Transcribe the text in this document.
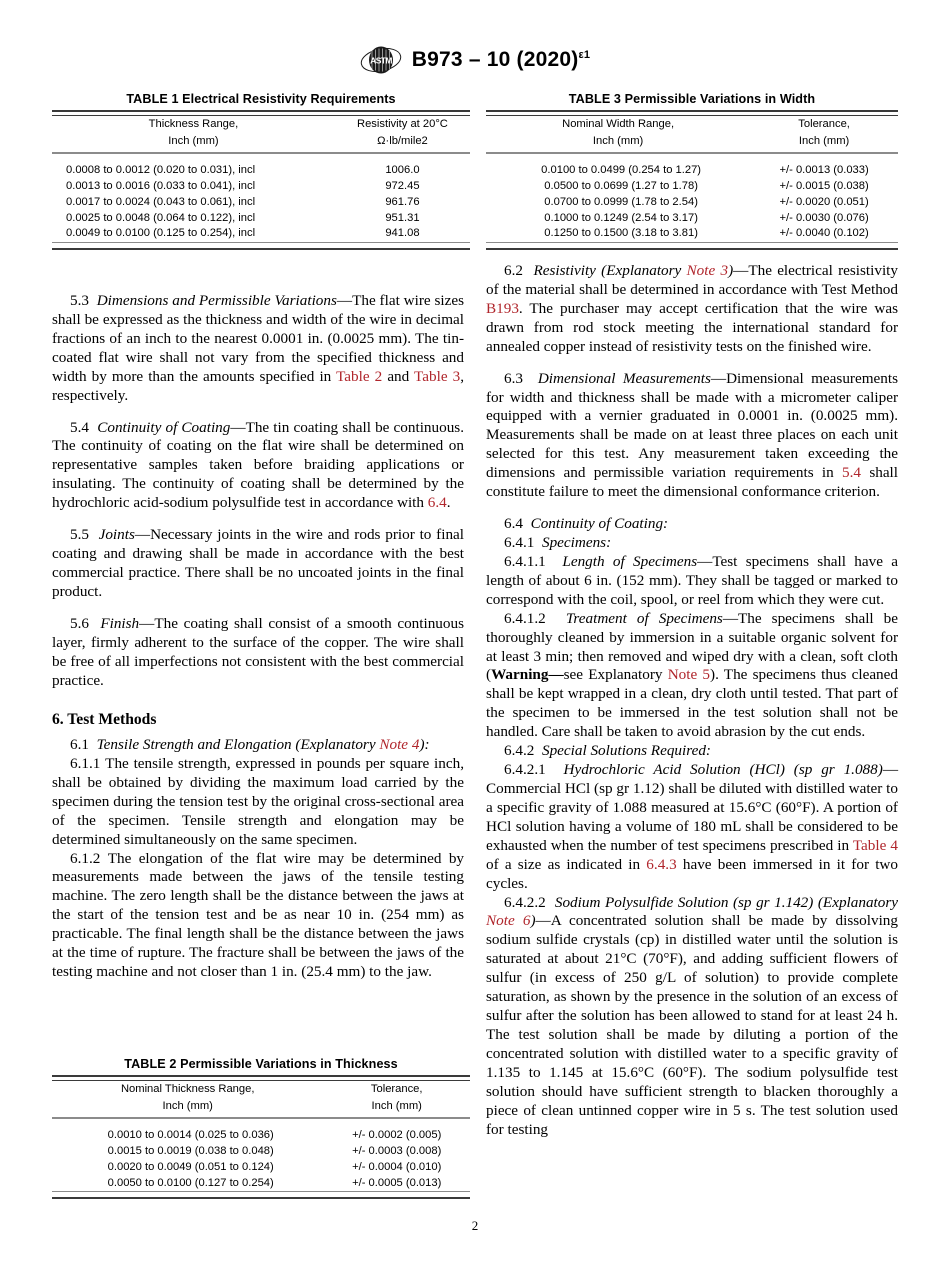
ASTM B973 – 10 $(2020)^{\varepsilon 1}$
TABLE 1 Electrical Resistivity Requirements

Thickness Range,	Resistivity at 20°C
Inch (mm)	Ω·lb/mile2
0.0008 to 0.0012 (0.020 to 0.031), incl	1006.0
0.0013 to 0.0016 (0.033 to 0.041), incl	972.45
0.0017 to 0.0024 (0.043 to 0.061), incl	961.76
0.0025 to 0.0048 (0.064 to 0.122), incl	951.31
0.0049 to 0.0100 (0.125 to 0.254), incl	941.08

TABLE 3 Permissible Variations in Width

Nominal Width Range,	Tolerance,
Inch (mm)	Inch (mm)
0.0100 to 0.0499 (0.254 to 1.27)	+/- 0.0013 (0.033)
0.0500 to 0.0699 (1.27 to 1.78)	+/- 0.0015 (0.038)
0.0700 to 0.0999 (1.78 to 2.54)	+/- 0.0020 (0.051)
0.1000 to 0.1249 (2.54 to 3.17)	+/- 0.0030 (0.076)
0.1250 to 0.1500 (3.18 to 3.81)	+/- 0.0040 (0.102)

5.3 Dimensions and Permissible Variations—The flat wire sizes shall be expressed as the thickness and width of the wire in decimal fractions of an inch to the nearest 0.0001 in. (0.0025 mm). The tin-coated flat wire shall not vary from the specified thickness and width by more than the amounts specified in Table 2 and Table 3, respectively.

5.4 Continuity of Coating—The tin coating shall be continuous. The continuity of coating on the flat wire shall be determined on representative samples taken before braiding applications or insulating. The continuity of coating shall be determined by the hydrochloric acid-sodium polysulfide test in accordance with 6.4.

5.5 Joints—Necessary joints in the wire and rods prior to final coating and drawing shall be made in accordance with the best commercial practice. There shall be no uncoated joints in the final product.

5.6 Finish—The coating shall consist of a smooth continuous layer, firmly adherent to the surface of the copper. The wire shall be free of all imperfections not consistent with the best commercial practice.

6. Test Methods

6.1 Tensile Strength and Elongation (Explanatory Note 4):

6.1.1 The tensile strength, expressed in pounds per square inch, shall be obtained by dividing the maximum load carried by the specimen during the tension test by the original cross-sectional area of the specimen. Tensile strength and elongation may be determined simultaneously on the same specimen.

6.1.2 The elongation of the flat wire may be determined by measurements made between the jaws of the tensile testing machine. The zero length shall be the distance between the jaws at the start of the tension test and be as near 10 in. (254 mm) as practicable. The final length shall be the distance between the jaws at the time of rupture. The fracture shall be between the jaws of the testing machine and not closer than 1 in. (25.4 mm) to the jaw.

TABLE 2 Permissible Variations in Thickness

Nominal Thickness Range,	Tolerance,
Inch (mm)	Inch (mm)
0.0010 to 0.0014 (0.025 to 0.036)	+/- 0.0002 (0.005)
0.0015 to 0.0019 (0.038 to 0.048)	+/- 0.0003 (0.008)
0.0020 to 0.0049 (0.051 to 0.124)	+/- 0.0004 (0.010)
0.0050 to 0.0100 (0.127 to 0.254)	+/- 0.0005 (0.013)

6.2 Resistivity (Explanatory Note 3)—The electrical resistivity of the material shall be determined in accordance with Test Method B193. The purchaser may accept certification that the wire was drawn from rod stock meeting the international standard for annealed copper instead of resistivity tests on the finished wire.

6.3 Dimensional Measurements—Dimensional measurements for width and thickness shall be made with a micrometer caliper equipped with a vernier graduated in 0.0001 in. (0.0025 mm). Measurements shall be made on at least three places on each unit selected for this test. Any measurement taken exceeding the dimensions and permissible variation requirements in 5.4 shall constitute failure to meet the dimensional conformance criterion.

6.4 Continuity of Coating:

6.4.1 Specimens:

6.4.1.1 Length of Specimens—Test specimens shall have a length of about 6 in. (152 mm). They shall be tagged or marked to correspond with the coil, spool, or reel from which they were cut.

6.4.1.2 Treatment of Specimens—The specimens shall be thoroughly cleaned by immersion in a suitable organic solvent for at least 3 min; then removed and wiped dry with a clean, soft cloth (Warning—see Explanatory Note 5). The specimens thus cleaned shall be kept wrapped in a clean, dry cloth until tested. That part of the specimen to be immersed in the test solution shall not be handled. Care shall be taken to avoid abrasion by the cut ends.

6.4.2 Special Solutions Required:

6.4.2.1 Hydrochloric Acid Solution (HCl) (sp gr 1.088)—Commercial HCl (sp gr 1.12) shall be diluted with distilled water to a specific gravity of 1.088 measured at 15.6°C (60°F). A portion of HCl solution having a volume of 180 mL shall be considered to be exhausted when the number of test specimens prescribed in Table 4 of a size as indicated in 6.4.3 have been immersed in it for two cycles.

6.4.2.2 Sodium Polysulfide Solution (sp gr 1.142) (Explanatory Note 6)—A concentrated solution shall be made by dissolving sodium sulfide crystals (cp) in distilled water until the solution is saturated at about 21°C (70°F), and adding sufficient flowers of sulfur (in excess of 250 g/L of solution) to provide complete saturation, as shown by the presence in the solution of an excess of sulfur after the solution has been allowed to stand for at least 24 h. The test solution shall be made by diluting a portion of the concentrated solution with distilled water to a specific gravity of 1.135 to 1.145 at 15.6°C (60°F). The sodium polysulfide test solution should have sufficient strength to blacken thoroughly a piece of clean untinned copper wire in 5 s. The test solution used for testing

2
